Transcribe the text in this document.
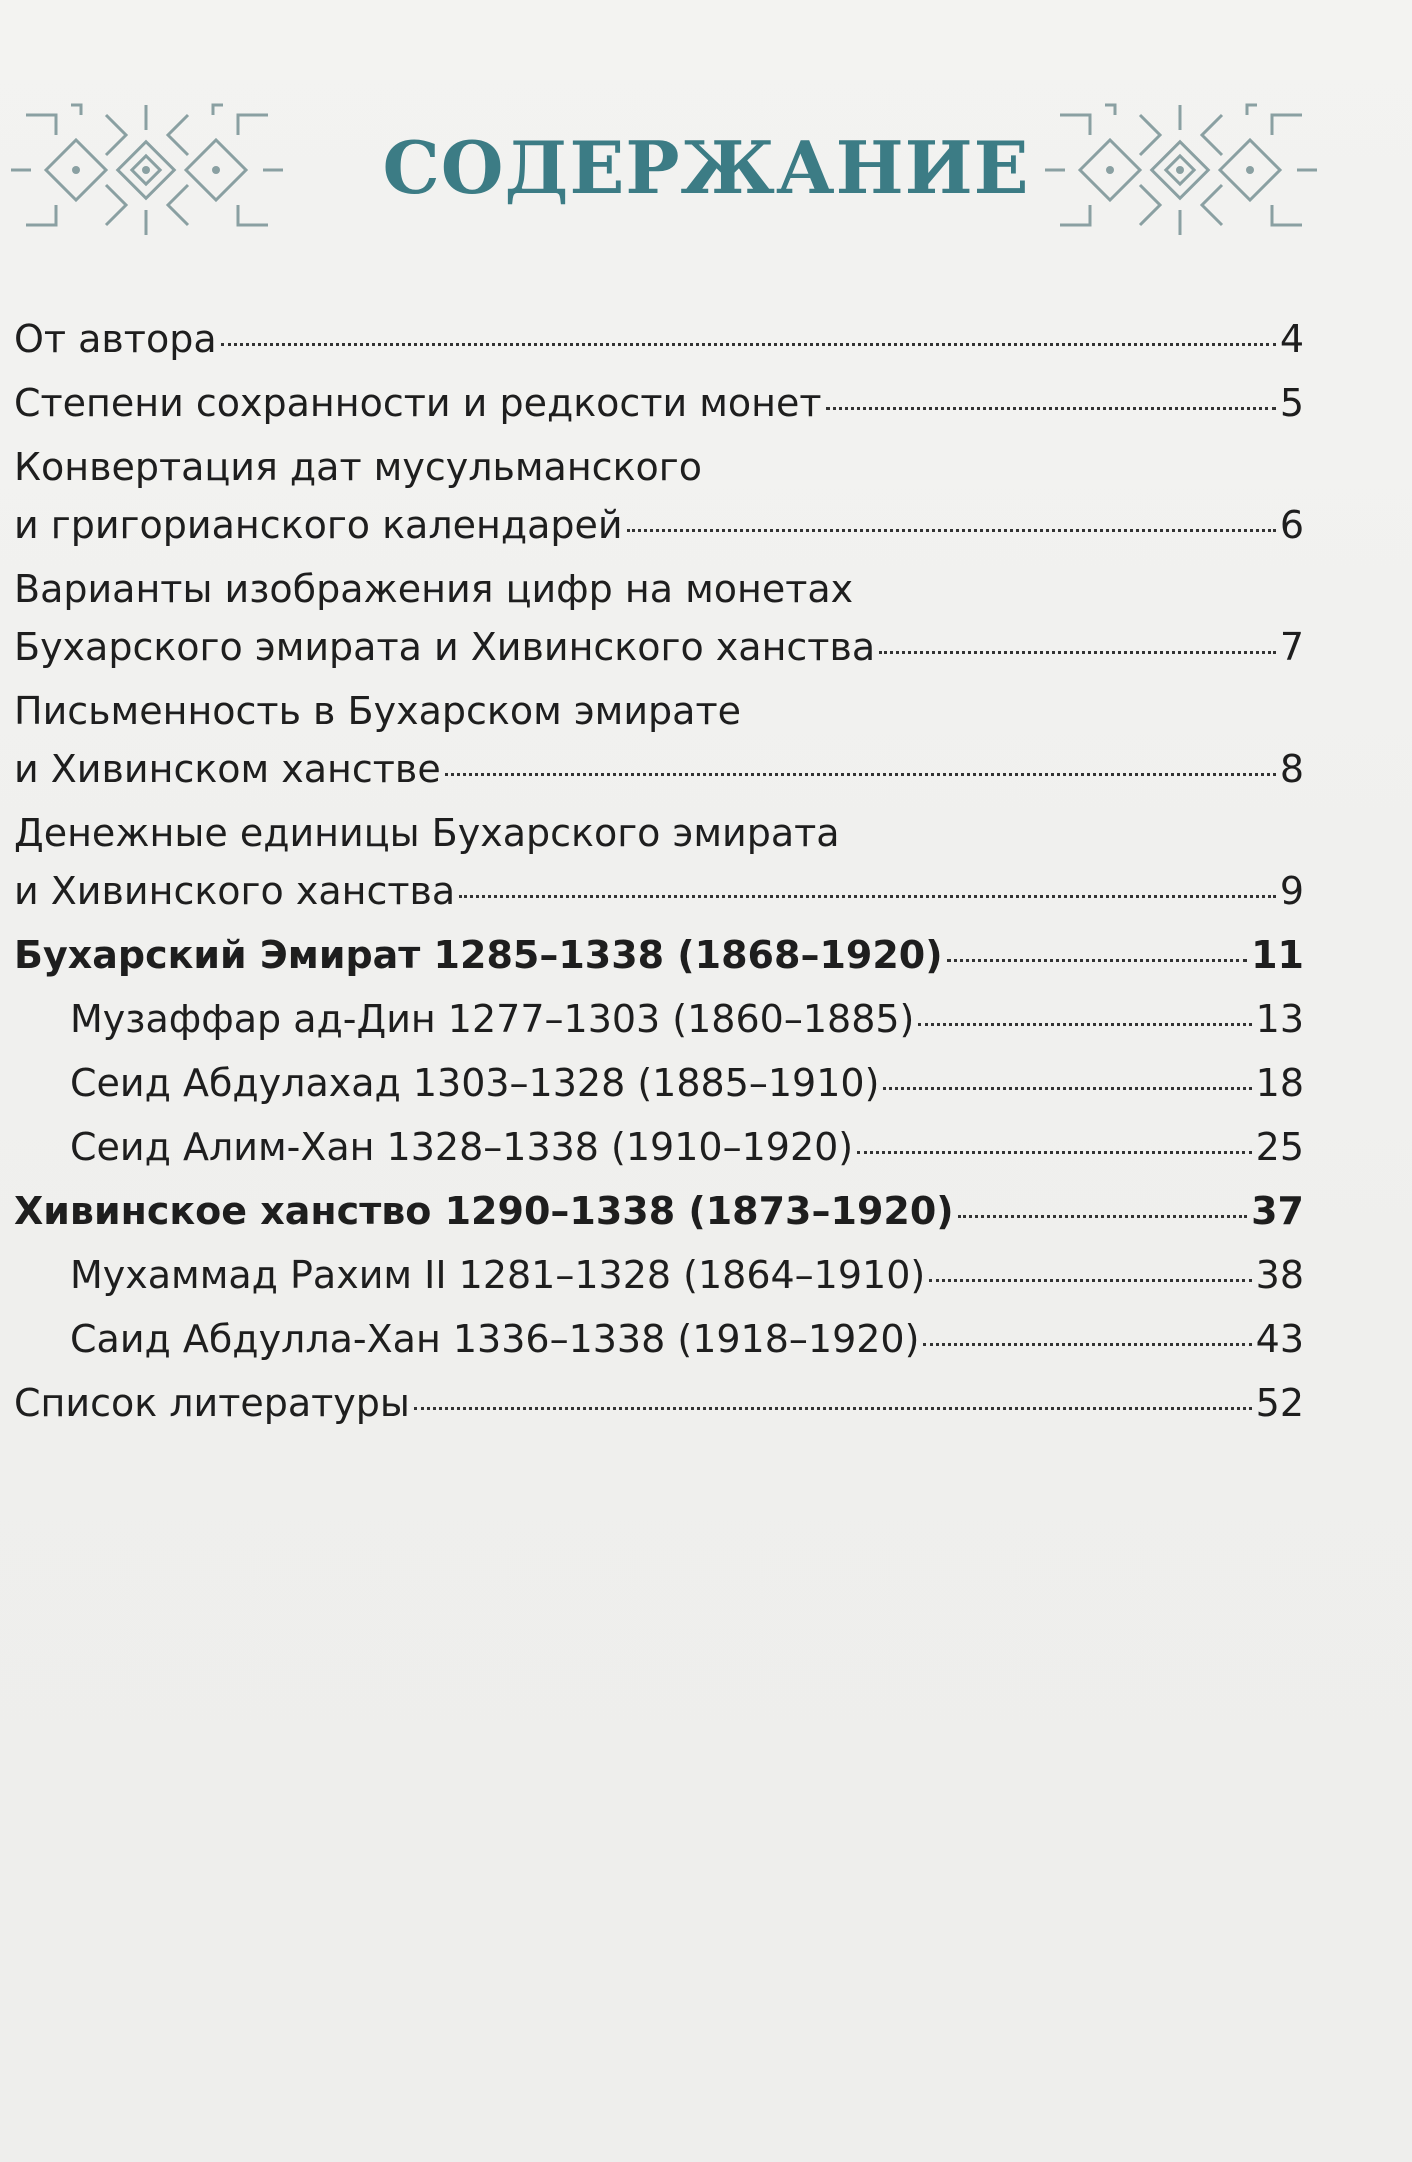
СОДЕРЖАНИЕ
От автора	4
Степени сохранности и редкости монет	5
Конвертация дат мусульманского
и григорианского календарей	6
Варианты изображения цифр на монетах
Бухарского эмирата и Хивинского ханства	7
Письменность в Бухарском эмирате
и Хивинском ханстве	8
Денежные единицы Бухарского эмирата
и Хивинского ханства	9
Бухарский Эмират 1285–1338 (1868–1920)	11
Музаффар ад-Дин 1277–1303 (1860–1885)	13
Сеид Абдулахад 1303–1328 (1885–1910)	18
Сеид Алим-Хан 1328–1338 (1910–1920)	25
Хивинское ханство 1290–1338 (1873–1920)	37
Мухаммад Рахим II 1281–1328 (1864–1910)	38
Саид Абдулла-Хан 1336–1338 (1918–1920)	43
Список литературы	52
